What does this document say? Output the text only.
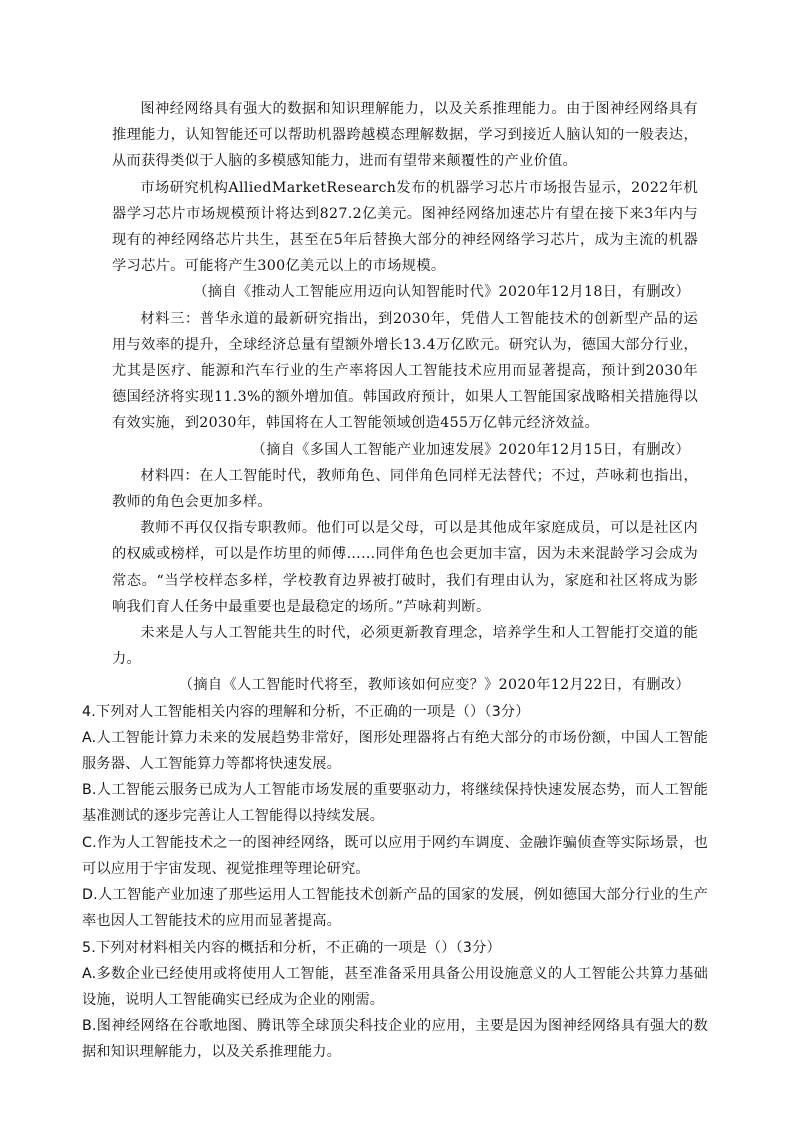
图神经网络具有强大的数据和知识理解能力，以及关系推理能力。由于图神经网络具有推理能力，认知智能还可以帮助机器跨越模态理解数据，学习到接近人脑认知的一般表达，从而获得类似于人脑的多模感知能力，进而有望带来颠覆性的产业价值。

市场研究机构AlliedMarketResearch发布的机器学习芯片市场报告显示，2022年机器学习芯片市场规模预计将达到827.2亿美元。图神经网络加速芯片有望在接下来3年内与现有的神经网络芯片共生，甚至在5年后替换大部分的神经网络学习芯片，成为主流的机器学习芯片。可能将产生300亿美元以上的市场规模。

（摘自《推动人工智能应用迈向认知智能时代》2020年12月18日，有删改）

材料三：普华永道的最新研究指出，到2030年，凭借人工智能技术的创新型产品的运用与效率的提升，全球经济总量有望额外增长13.4万亿欧元。研究认为，德国大部分行业，尤其是医疗、能源和汽车行业的生产率将因人工智能技术应用而显著提高，预计到2030年德国经济将实现11.3%的额外增加值。韩国政府预计，如果人工智能国家战略相关措施得以有效实施，到2030年，韩国将在人工智能领域创造455万亿韩元经济效益。

（摘自《多国人工智能产业加速发展》2020年12月15日，有删改）

材料四：在人工智能时代，教师角色、同伴角色同样无法替代；不过，芦咏莉也指出，教师的角色会更加多样。

教师不再仅仅指专职教师。他们可以是父母，可以是其他成年家庭成员，可以是社区内的权威或榜样，可以是作坊里的师傅……同伴角色也会更加丰富，因为未来混龄学习会成为常态。“当学校样态多样，学校教育边界被打破时，我们有理由认为，家庭和社区将成为影响我们育人任务中最重要也是最稳定的场所。”芦咏莉判断。

未来是人与人工智能共生的时代，必须更新教育理念，培养学生和人工智能打交道的能力。

（摘自《人工智能时代将至，教师该如何应变？》2020年12月22日，有删改）

4.下列对人工智能相关内容的理解和分析，不正确的一项是（）（3分）

A.人工智能计算力未来的发展趋势非常好，图形处理器将占有绝大部分的市场份额，中国人工智能服务器、人工智能算力等都将快速发展。

B.人工智能云服务已成为人工智能市场发展的重要驱动力，将继续保持快速发展态势，而人工智能基准测试的逐步完善让人工智能得以持续发展。

C.作为人工智能技术之一的图神经网络，既可以应用于网约车调度、金融诈骗侦查等实际场景，也可以应用于宇宙发现、视觉推理等理论研究。

D.人工智能产业加速了那些运用人工智能技术创新产品的国家的发展，例如德国大部分行业的生产率也因人工智能技术的应用而显著提高。

5.下列对材料相关内容的概括和分析，不正确的一项是（）（3分）

A.多数企业已经使用或将使用人工智能，甚至准备采用具备公用设施意义的人工智能公共算力基础设施，说明人工智能确实已经成为企业的刚需。

B.图神经网络在谷歌地图、腾讯等全球顶尖科技企业的应用，主要是因为图神经网络具有强大的数据和知识理解能力，以及关系推理能力。
